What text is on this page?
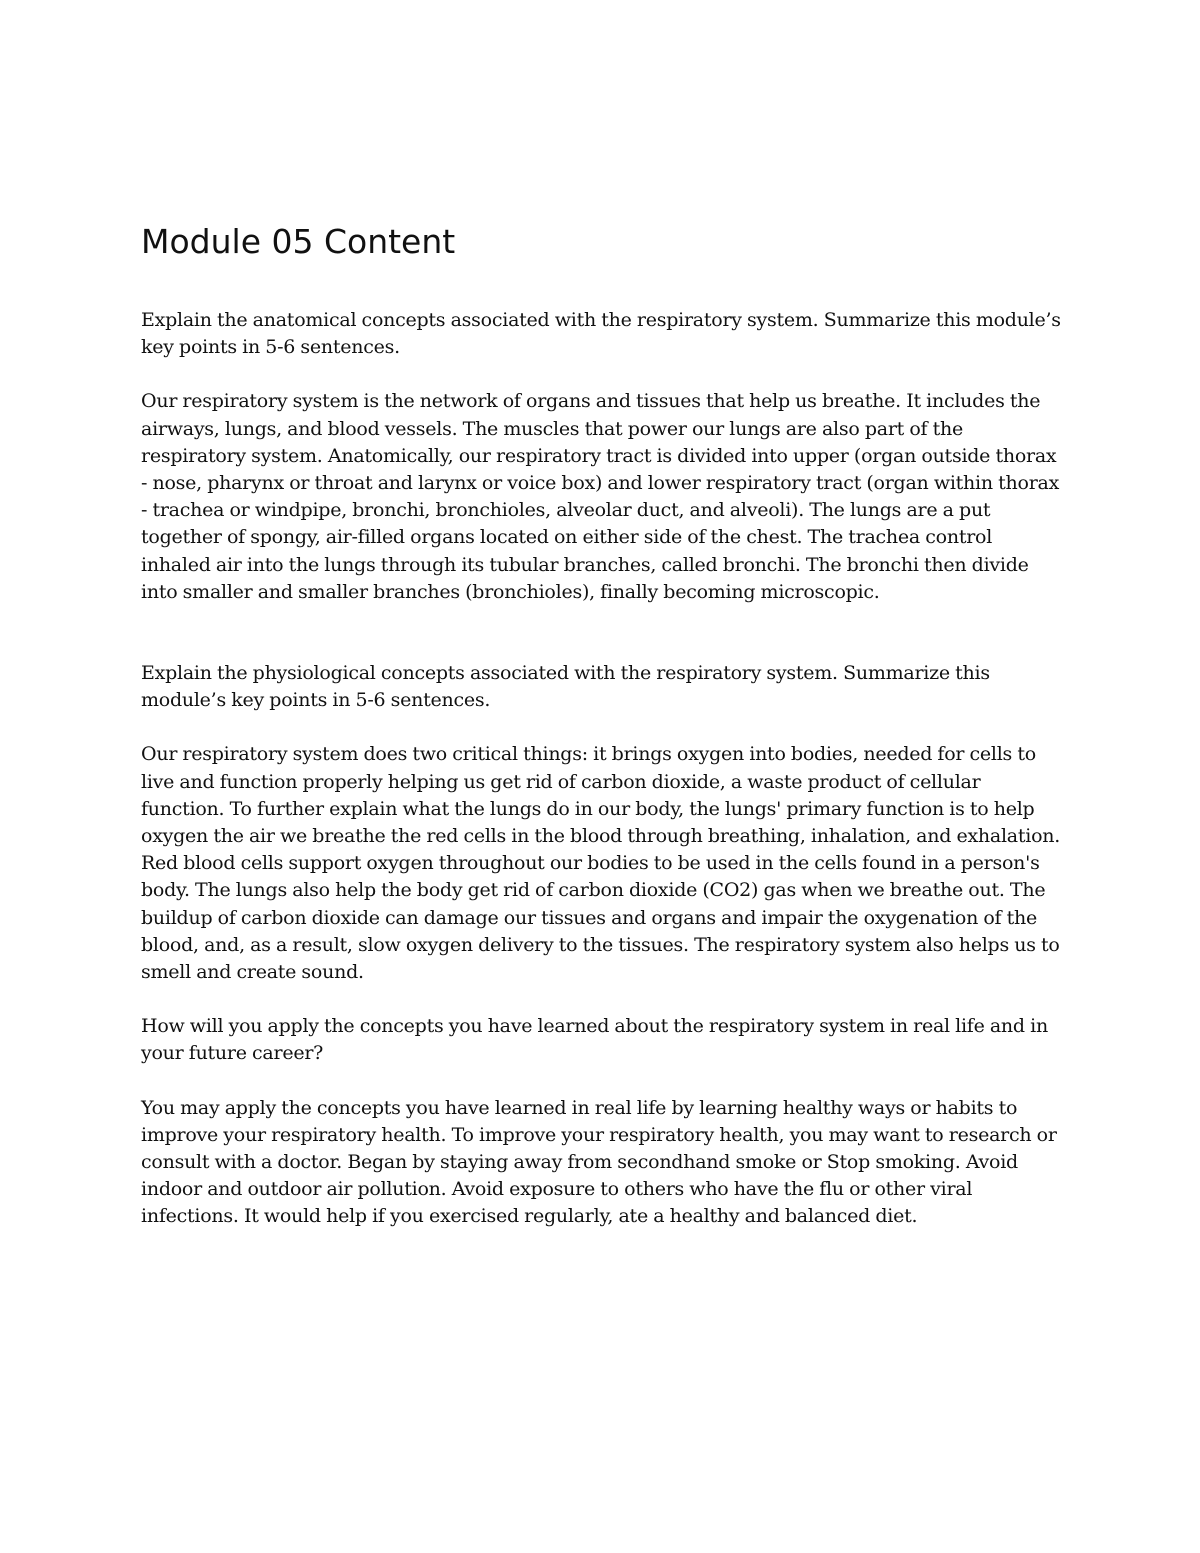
Module 05 Content

Explain the anatomical concepts associated with the respiratory system. Summarize this module’s key points in 5-6 sentences.

Our respiratory system is the network of organs and tissues that help us breathe. It includes the airways, lungs, and blood vessels. The muscles that power our lungs are also part of the respiratory system. Anatomically, our respiratory tract is divided into upper (organ outside thorax - nose, pharynx or throat and larynx or voice box) and lower respiratory tract (organ within thorax - trachea or windpipe, bronchi, bronchioles, alveolar duct, and alveoli). The lungs are a put together of spongy, air-filled organs located on either side of the chest. The trachea control inhaled air into the lungs through its tubular branches, called bronchi. The bronchi then divide into smaller and smaller branches (bronchioles), finally becoming microscopic.

Explain the physiological concepts associated with the respiratory system. Summarize this module’s key points in 5-6 sentences.

Our respiratory system does two critical things: it brings oxygen into bodies, needed for cells to live and function properly helping us get rid of carbon dioxide, a waste product of cellular function. To further explain what the lungs do in our body, the lungs' primary function is to help oxygen the air we breathe the red cells in the blood through breathing, inhalation, and exhalation. Red blood cells support oxygen throughout our bodies to be used in the cells found in a person's body. The lungs also help the body get rid of carbon dioxide (CO2) gas when we breathe out. The buildup of carbon dioxide can damage our tissues and organs and impair the oxygenation of the blood, and, as a result, slow oxygen delivery to the tissues. The respiratory system also helps us to smell and create sound.

How will you apply the concepts you have learned about the respiratory system in real life and in your future career?

You may apply the concepts you have learned in real life by learning healthy ways or habits to improve your respiratory health. To improve your respiratory health, you may want to research or consult with a doctor. Began by staying away from secondhand smoke or Stop smoking. Avoid indoor and outdoor air pollution. Avoid exposure to others who have the flu or other viral infections. It would help if you exercised regularly, ate a healthy and balanced diet.
